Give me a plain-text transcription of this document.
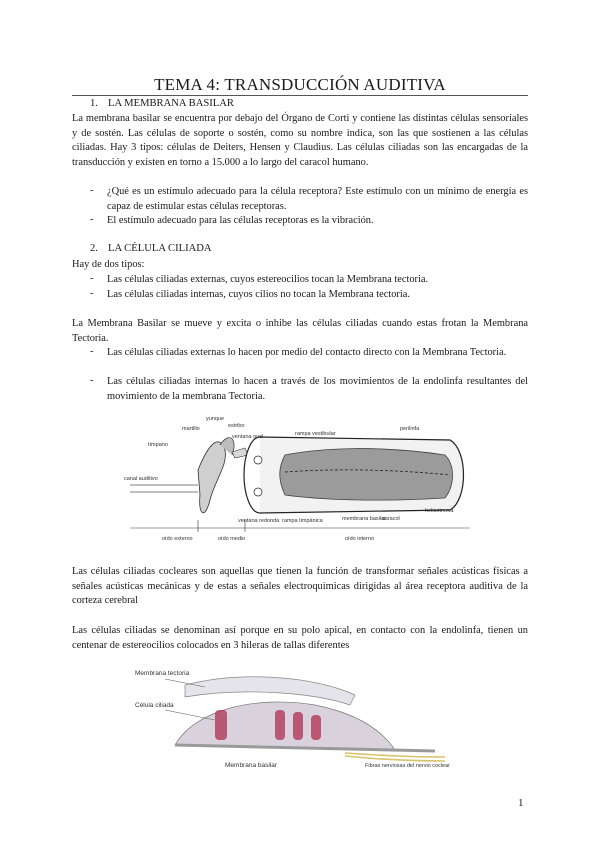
TEMA 4: TRANSDUCCIÓN AUDITIVA
1. LA MEMBRANA BASILAR
La membrana basilar se encuentra por debajo del Órgano de Corti y contiene las distintas células sensoriales y de sostén. Las células de soporte o sostén, como su nombre indica, son las que sostienen a las células ciliadas. Hay 3 tipos: células de Deiters, Hensen y Claudius. Las células ciliadas son las encargadas de la transducción y existen en torno a 15.000 a lo largo del caracol humano.
- ¿Qué es un estímulo adecuado para la célula receptora? Este estímulo con un mínimo de energía es capaz de estimular estas células receptoras.
- El estímulo adecuado para las células receptoras es la vibración.
2. LA CÉLULA CILIADA
Hay de dos tipos:
- Las células ciliadas externas, cuyos estereocilios tocan la Membrana tectoria.
- Las células ciliadas internas, cuyos cilios no tocan la Membrana tectoria.
La Membrana Basilar se mueve y excita o inhibe las células ciliadas cuando estas frotan la Membrana Tectoria.
- Las células ciliadas externas lo hacen por medio del contacto directo con la Membrana Tectoria.
- Las células ciliadas internas lo hacen a través de los movimientos de la endolinfa resultantes del movimiento de la membrana Tectoria.
yunque
martillo	estribo
tímpano
ventana oval	rampa vestibular
perilinfa
canal auditivo
ventana redonda rampa timpánica	membrana basilar
caracol
helicotrema
oído externo	oído medio	oído interno
Las células ciliadas cocleares son aquellas que tienen la función de transformar señales acústicas físicas a señales acústicas mecánicas y de estas a señales electroquímicas dirigidas al área receptora auditiva de la corteza cerebral
Las células ciliadas se denominan así porque en su polo apical, en contacto con la endolinfa, tienen un centenar de estereocilios colocados en 3 hileras de tallas diferentes
Membrana tectoria
Célula ciliada
Fibras nerviosas del nervio coclear
Membrana basilar
1
